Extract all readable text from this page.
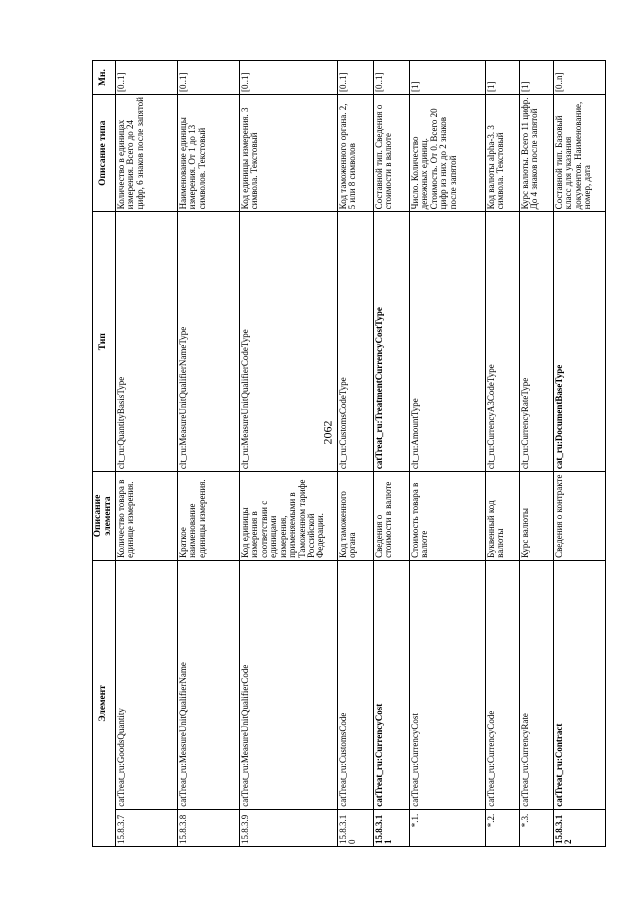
2062
Элемент		Описание элемента	Тип	Описание типа	Мн.
15.8.3.7	catTreat_ru:GoodsQuantity	Количество товара в единице измерения.	clt_ru:QuantityBasisType	Количество в единицах измерения. Всего до 24 цифр, 6 знаков после запятой	[0..1]
15.8.3.8	catTreat_ru:MeasureUnitQualifierName	Краткое наименование единицы измерения.	clt_ru:MeasureUnitQualifierNameType	Наименование единицы измерения. От 1 до 13 символов. Текстовый	[0..1]
15.8.3.9	catTreat_ru:MeasureUnitQualifierCode	Код единицы измерения в соответствии с единицами измерения, применяемыми в Таможенном тарифе Российской Федерации.	clt_ru:MeasureUnitQualifierCodeType	Код единицы измерения. 3 символа. Текстовый	[0..1]
15.8.3.10	catTreat_ru:CustomsCode	Код таможенного органа	clt_ru:CustomsCodeType	Код таможенного органа. 2, 5 или 8 символов	[0..1]
15.8.3.11	catTreat_ru:CurrencyCost	Сведения о стоимости в валюте	catTreat_ru:TreatmentCurrencyCostType	Составной тип. Сведения о стоимости в валюте	[0..1]
*.1.	catTreat_ru:CurrencyCost	Стоимость товара в валюте	clt_ru:AmountType	Число. Количество денежных единиц. Стоимость. От 0. Всего 20 цифр из них до 2 знаков после запятой	[1]
*.2.	catTreat_ru:CurrencyCode	Буквенный код валюты	clt_ru:CurrencyA3CodeType	Код валюты alpha-3. 3 символа. Текстовый	[1]
*.3.	catTreat_ru:CurrencyRate	Курс валюты	clt_ru:CurrencyRateType	Курс валюты. Всего 11 цифр. До 4 знаков после запятой	[1]
15.8.3.12	catTreat_ru:Contract	Сведения о контракте	cat_ru:DocumentBaseType	Составной тип. Базовый класс для указания документов. Наименование, номер, дата	[0..n]
